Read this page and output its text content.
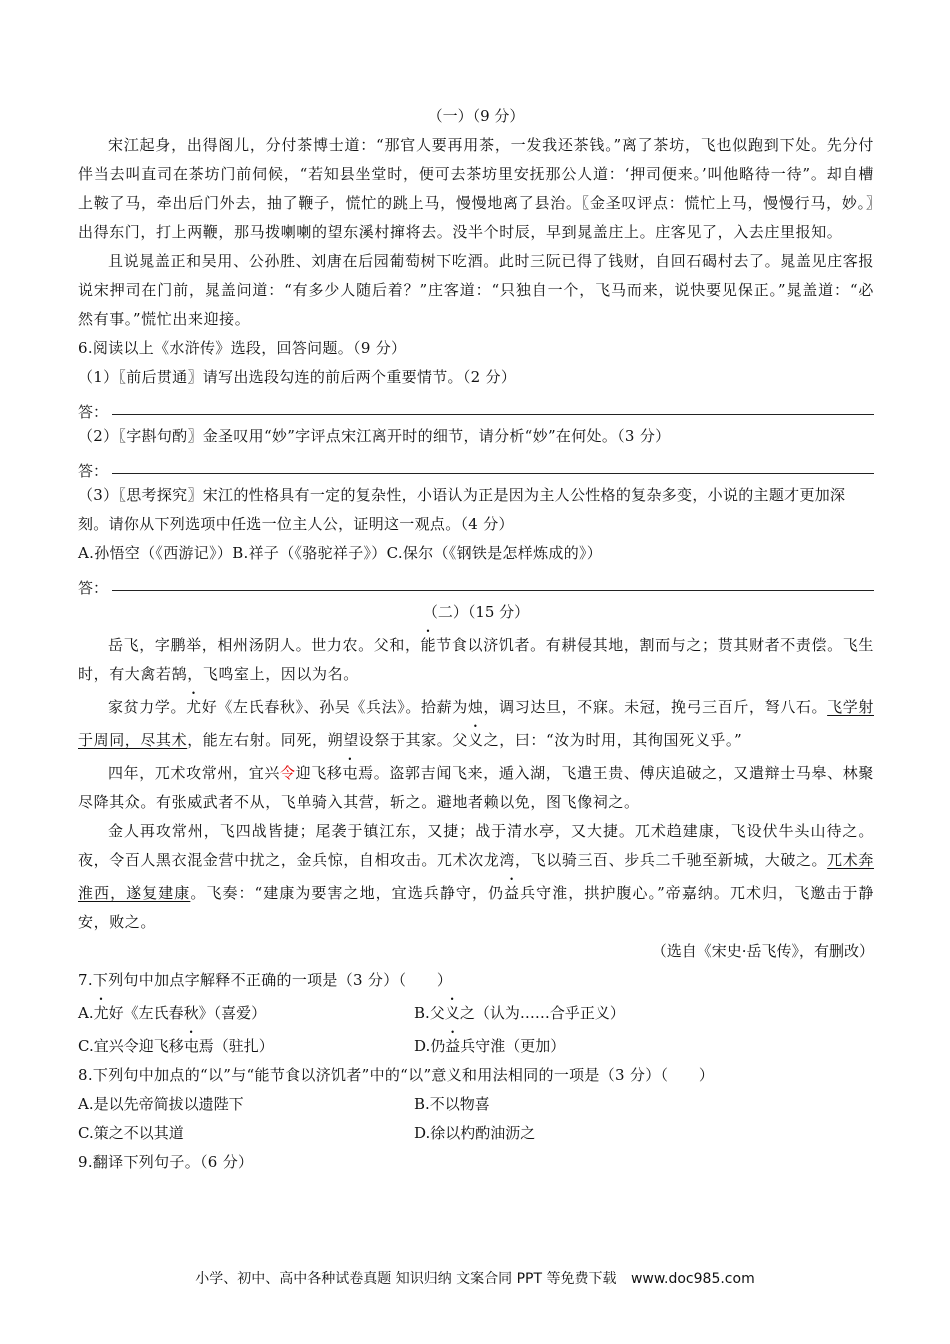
（一）（9 分）

宋江起身，出得阁儿，分付茶博士道：“那官人要再用茶，一发我还茶钱。”离了茶坊，飞也似跑到下处。先分付伴当去叫直司在茶坊门前伺候，“若知县坐堂时，便可去茶坊里安抚那公人道：‘押司便来。’叫他略待一待”。却自槽上鞍了马，牵出后门外去，抽了鞭子，慌忙的跳上马，慢慢地离了县治。〖金圣叹评点：慌忙上马，慢慢行马，妙。〗出得东门，打上两鞭，那马拨喇喇的望东溪村撺将去。没半个时辰，早到晁盖庄上。庄客见了，入去庄里报知。

且说晁盖正和吴用、公孙胜、刘唐在后园葡萄树下吃酒。此时三阮已得了钱财，自回石碣村去了。晁盖见庄客报说宋押司在门前，晁盖问道：“有多少人随后着？”庄客道：“只独自一个，飞马而来，说快要见保正。”晁盖道：“必然有事。”慌忙出来迎接。

6.阅读以上《水浒传》选段，回答问题。（9 分）

（1）〖前后贯通〗请写出选段勾连的前后两个重要情节。（2 分）

答：

（2）〖字斟句酌〗金圣叹用“妙”字评点宋江离开时的细节，请分析“妙”在何处。（3 分）

答：

（3）〖思考探究〗宋江的性格具有一定的复杂性，小语认为正是因为主人公性格的复杂多变，小说的主题才更加深刻。请你从下列选项中任选一位主人公，证明这一观点。（4 分）

A.孙悟空（《西游记》）B.祥子（《骆驼祥子》）C.保尔（《钢铁是怎样炼成的》）

答：

（二）（15 分）

岳飞，字鹏举，相州汤阴人。世力农。父和，能节食以济饥者。有耕侵其地，割而与之；贳其财者不责偿。飞生时，有大禽若鹄，飞鸣室上，因以为名。

家贫力学。尤好《左氏春秋》、孙吴《兵法》。拾薪为烛，调习达旦，不寐。未冠，挽弓三百斤，弩八石。飞学射于周同，尽其术，能左右射。同死，朔望设祭于其家。父义之，曰：“汝为时用，其徇国死义乎。”

四年，兀术攻常州，宜兴令迎飞移屯焉。盗郭吉闻飞来，遁入湖，飞遣王贵、傅庆追破之，又遣辩士马皋、林聚尽降其众。有张威武者不从，飞单骑入其营，斩之。避地者赖以免，图飞像祠之。

金人再攻常州，飞四战皆捷；尾袭于镇江东，又捷；战于清水亭，又大捷。兀术趋建康，飞设伏牛头山待之。夜，令百人黑衣混金营中扰之，金兵惊，自相攻击。兀术次龙湾，飞以骑三百、步兵二千驰至新城，大破之。兀术奔淮西，遂复建康。飞奏：“建康为要害之地，宜选兵静守，仍益兵守淮，拱护腹心。”帝嘉纳。兀术归，飞邀击于静安，败之。

（选自《宋史·岳飞传》，有删改）

7.下列句中加点字解释不正确的一项是（3 分）（　　）

A.尤好《左氏春秋》（喜爱）	B.父义之（认为……合乎正义）

C.宜兴令迎飞移屯焉（驻扎）	D.仍益兵守淮（更加）

8.下列句中加点的“以”与“能节食以济饥者”中的“以”意义和用法相同的一项是（3 分）（　　）

A.是以先帝简拔以遗陛下	B.不以物喜

C.策之不以其道	D.徐以杓酌油沥之

9.翻译下列句子。（6 分）

小学、初中、高中各种试卷真题 知识归纳 文案合同 PPT 等免费下载 www.doc985.com
